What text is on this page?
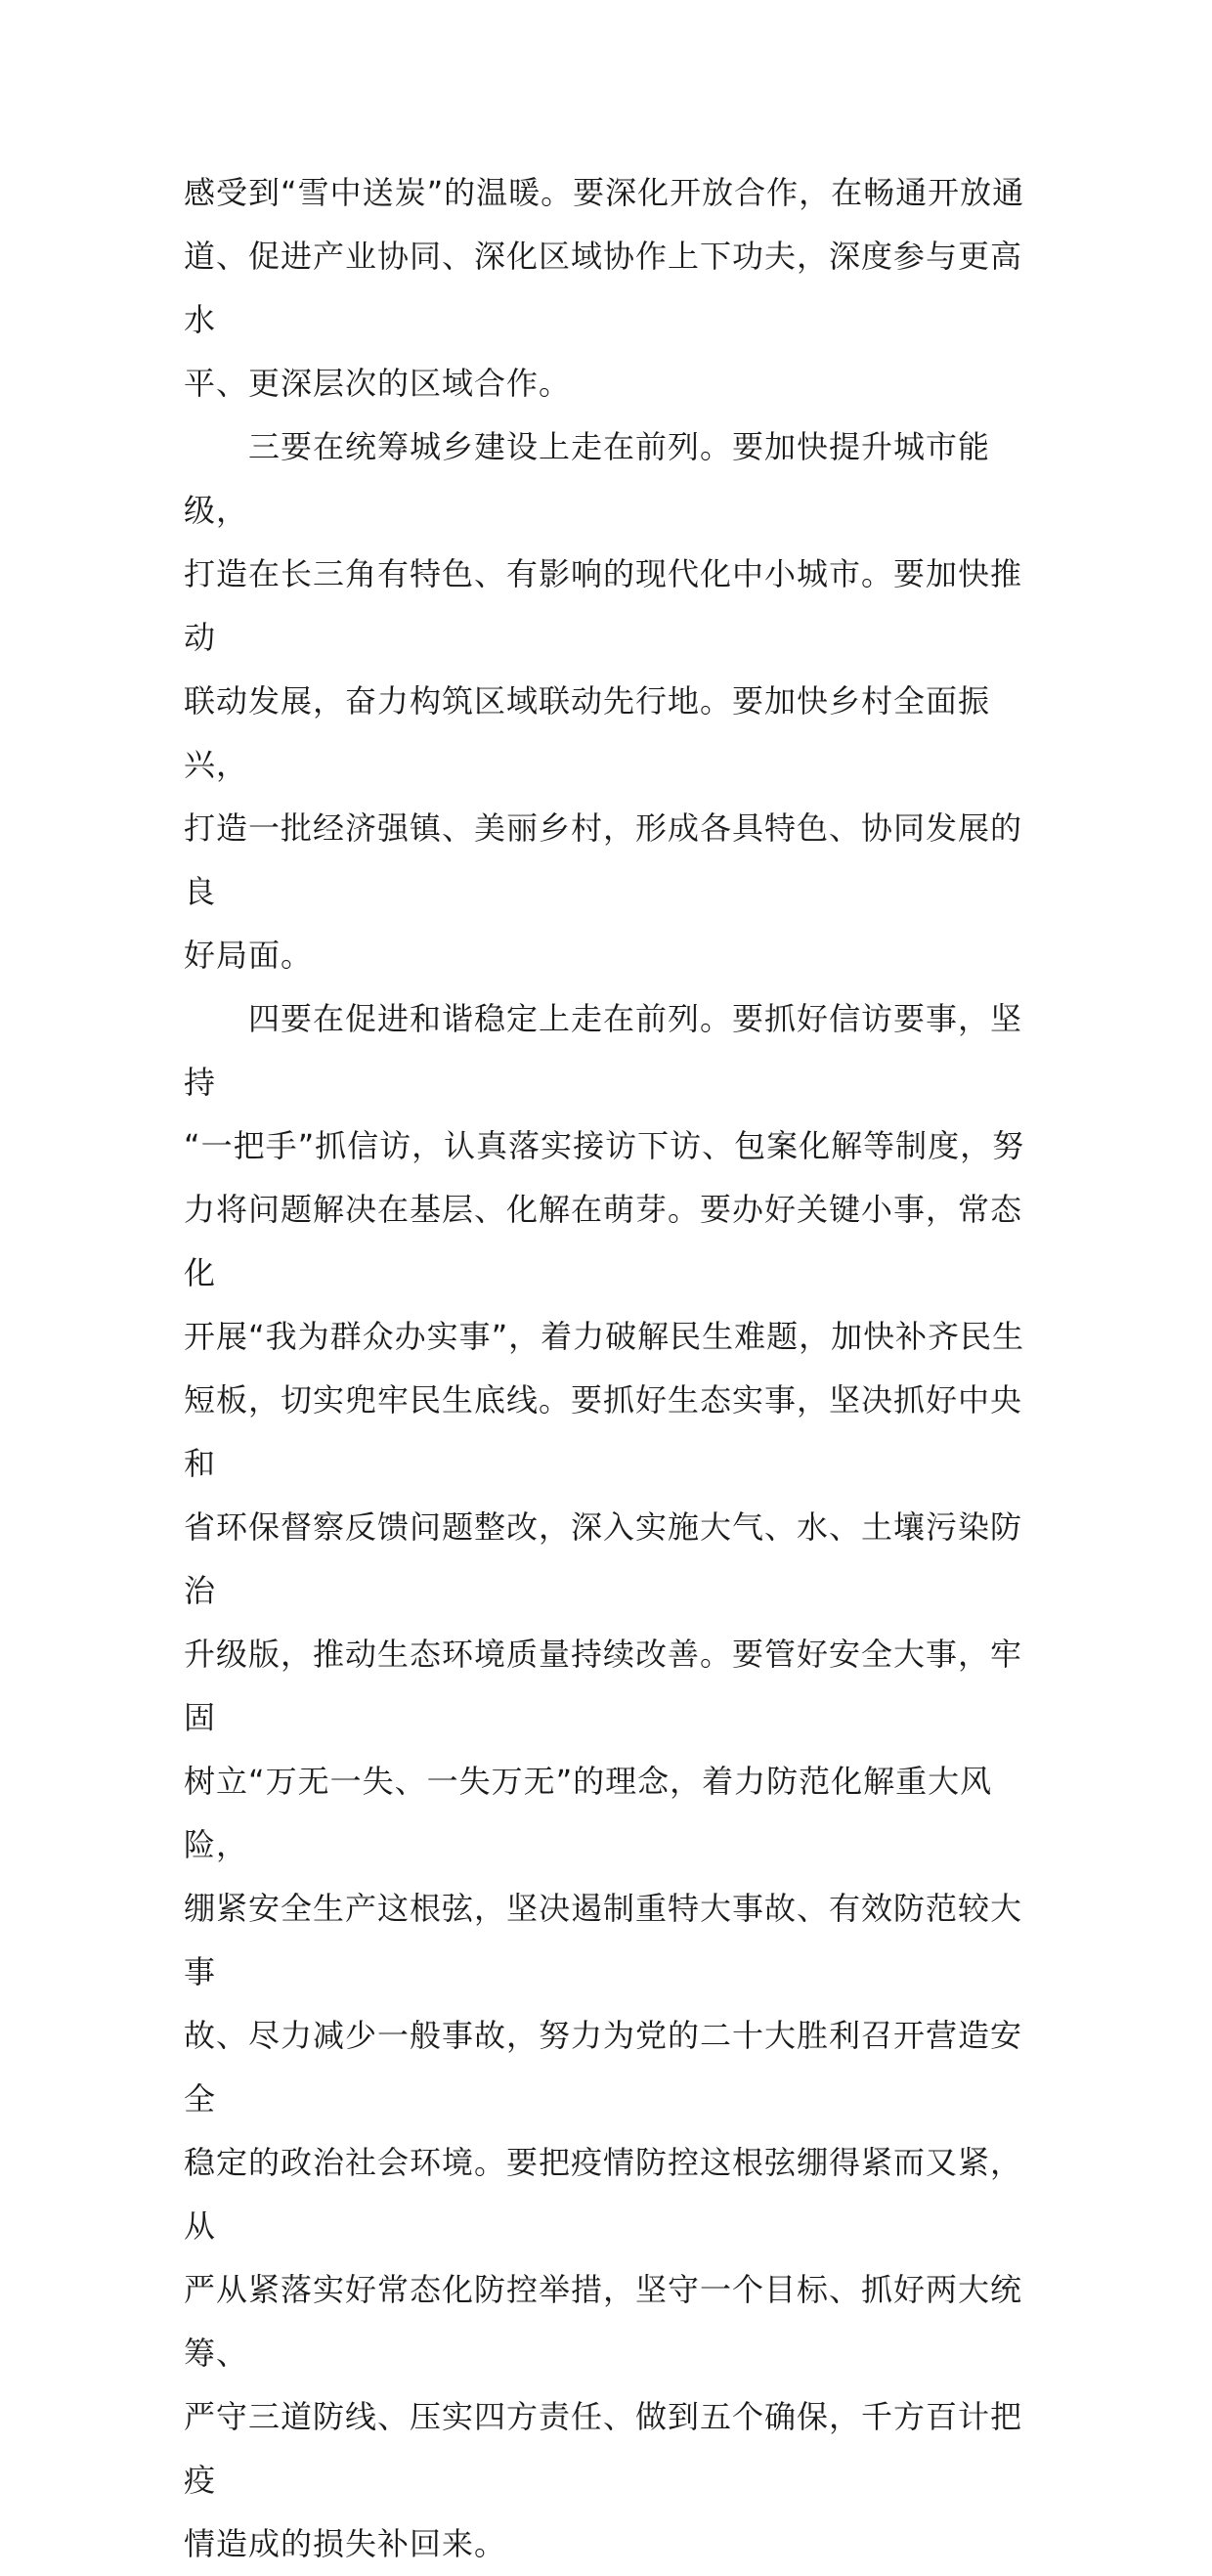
感受到“雪中送炭”的温暖。要深化开放合作，在畅通开放通
道、促进产业协同、深化区域协作上下功夫，深度参与更高水
平、更深层次的区域合作。

　　三要在统筹城乡建设上走在前列。要加快提升城市能级，
打造在长三角有特色、有影响的现代化中小城市。要加快推动
联动发展，奋力构筑区域联动先行地。要加快乡村全面振兴，
打造一批经济强镇、美丽乡村，形成各具特色、协同发展的良
好局面。

　　四要在促进和谐稳定上走在前列。要抓好信访要事，坚持
“一把手”抓信访，认真落实接访下访、包案化解等制度，努
力将问题解决在基层、化解在萌芽。要办好关键小事，常态化
开展“我为群众办实事”，着力破解民生难题，加快补齐民生
短板，切实兜牢民生底线。要抓好生态实事，坚决抓好中央和
省环保督察反馈问题整改，深入实施大气、水、土壤污染防治
升级版，推动生态环境质量持续改善。要管好安全大事，牢固
树立“万无一失、一失万无”的理念，着力防范化解重大风险，
绷紧安全生产这根弦，坚决遏制重特大事故、有效防范较大事
故、尽力减少一般事故，努力为党的二十大胜利召开营造安全
稳定的政治社会环境。要把疫情防控这根弦绷得紧而又紧，从
严从紧落实好常态化防控举措，坚守一个目标、抓好两大统筹、
严守三道防线、压实四方责任、做到五个确保，千方百计把疫
情造成的损失补回来。
